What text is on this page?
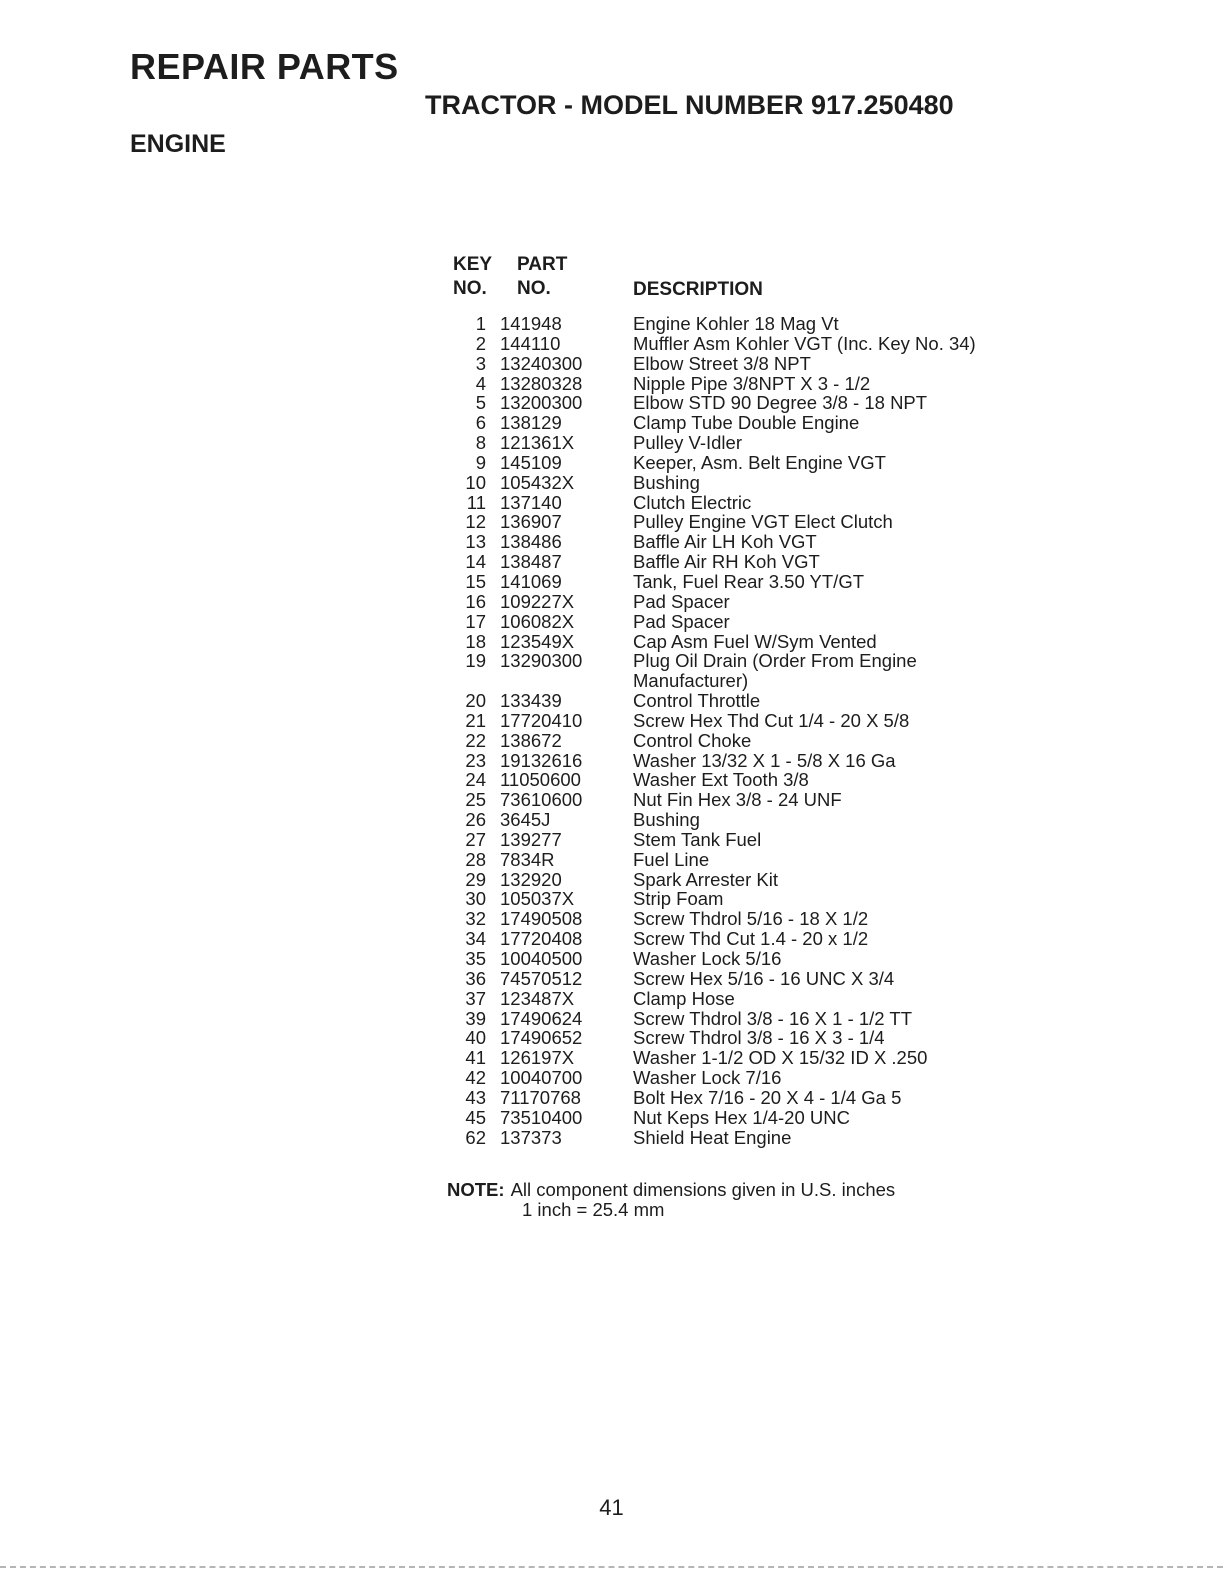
REPAIR PARTS
TRACTOR - MODEL NUMBER 917.250480
ENGINE
KEY
NO.
PART
NO.	DESCRIPTION
1	141948	Engine Kohler 18 Mag Vt
2	144110	Muffler Asm Kohler VGT (Inc. Key No. 34)
3	13240300	Elbow Street 3/8 NPT
4	13280328	Nipple Pipe 3/8NPT X 3 - 1/2
5	13200300	Elbow STD 90 Degree 3/8 - 18 NPT
6	138129	Clamp Tube Double Engine
8	121361X	Pulley V-Idler
9	145109	Keeper, Asm. Belt Engine VGT
10	105432X	Bushing
11	137140	Clutch Electric
12	136907	Pulley Engine VGT Elect Clutch
13	138486	Baffle Air LH Koh VGT
14	138487	Baffle Air RH Koh VGT
15	141069	Tank, Fuel Rear 3.50 YT/GT
16	109227X	Pad Spacer
17	106082X	Pad Spacer
18	123549X	Cap Asm Fuel W/Sym Vented
19	13290300	Plug Oil Drain (Order From Engine Manufacturer)
20	133439	Control Throttle
21	17720410	Screw Hex Thd Cut 1/4 - 20 X 5/8
22	138672	Control Choke
23	19132616	Washer 13/32 X 1 - 5/8 X 16 Ga
24	11050600	Washer Ext Tooth 3/8
25	73610600	Nut Fin Hex 3/8 - 24 UNF
26	3645J	Bushing
27	139277	Stem Tank Fuel
28	7834R	Fuel Line
29	132920	Spark Arrester Kit
30	105037X	Strip Foam
32	17490508	Screw Thdrol 5/16 - 18 X 1/2
34	17720408	Screw Thd Cut 1.4 - 20 x 1/2
35	10040500	Washer Lock 5/16
36	74570512	Screw Hex 5/16 - 16 UNC X 3/4
37	123487X	Clamp Hose
39	17490624	Screw Thdrol 3/8 - 16 X 1 - 1/2 TT
40	17490652	Screw Thdrol 3/8 - 16 X 3 - 1/4
41	126197X	Washer 1-1/2 OD X 15/32 ID X .250
42	10040700	Washer Lock 7/16
43	71170768	Bolt Hex 7/16 - 20 X 4 - 1/4 Ga 5
45	73510400	Nut Keps Hex 1/4-20 UNC
62	137373	Shield Heat Engine
NOTE: All component dimensions given in U.S. inches
1 inch = 25.4 mm
41
